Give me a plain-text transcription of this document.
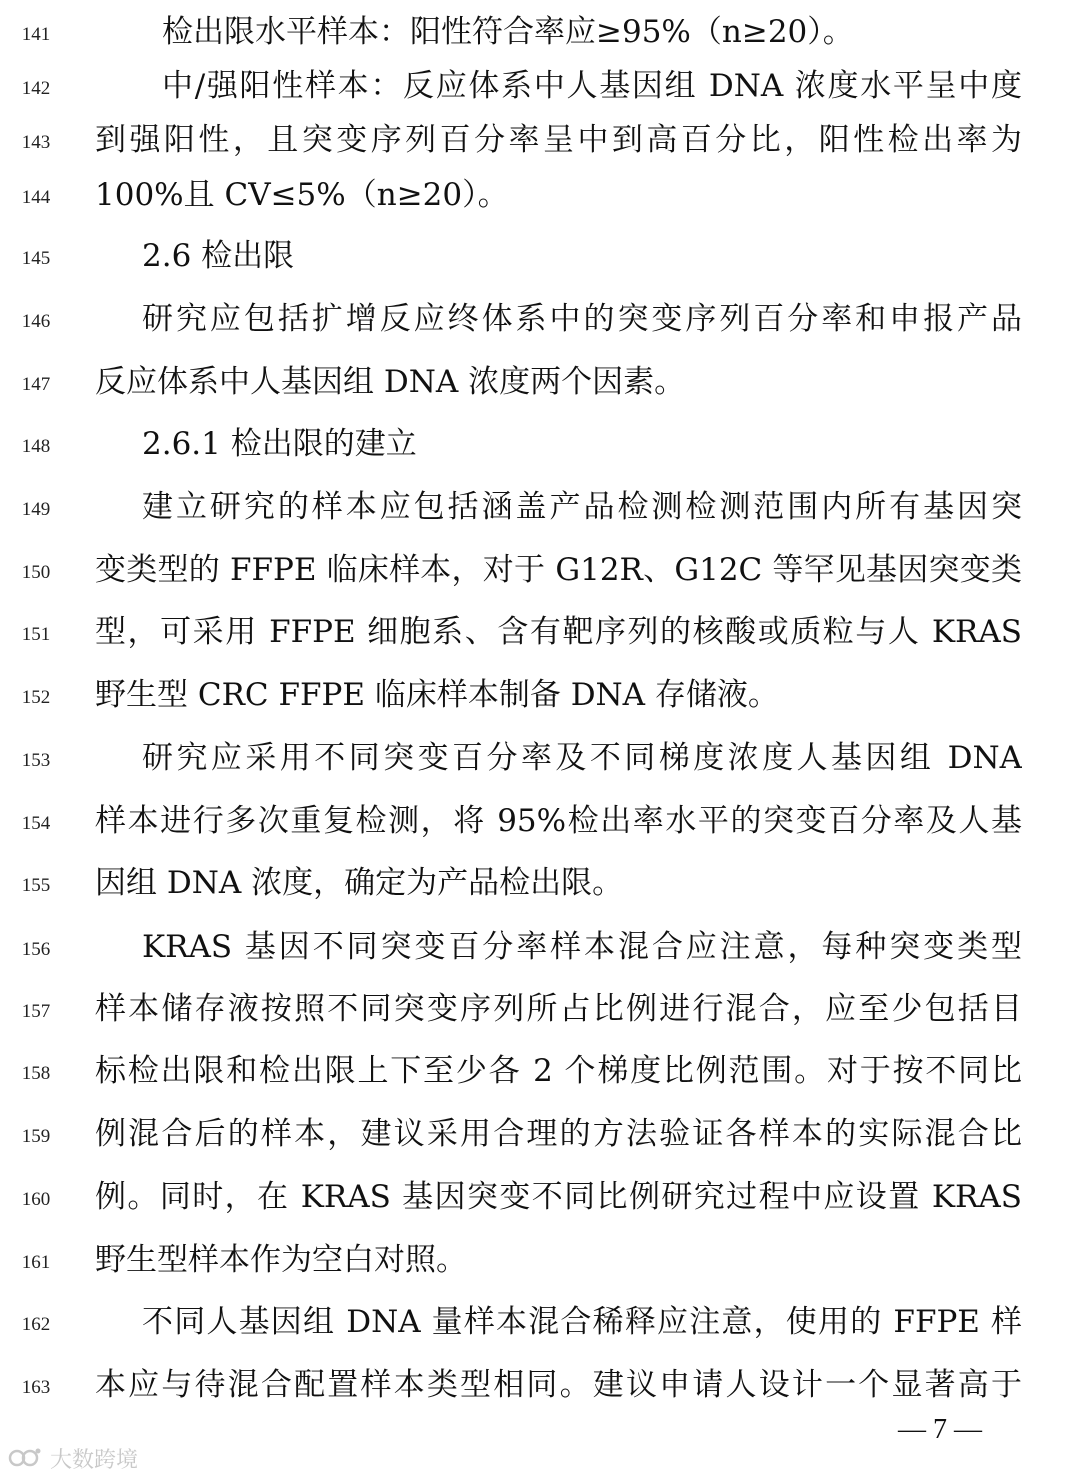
141	检出限水平样本：阳性符合率应≥95%（n≥20）。
142	中/强阳性样本：反应体系中人基因组 DNA 浓度水平呈中度
143	到强阳性，且突变序列百分率呈中到高百分比，阳性检出率为
144	100%且 CV≤5%（n≥20）。
145	2.6 检出限
146	研究应包括扩增反应终体系中的突变序列百分率和申报产品
147	反应体系中人基因组 DNA 浓度两个因素。
148	2.6.1 检出限的建立
149	建立研究的样本应包括涵盖产品检测检测范围内所有基因突
150	变类型的 FFPE 临床样本，对于 G12R、G12C 等罕见基因突变类
151	型，可采用 FFPE 细胞系、含有靶序列的核酸或质粒与人 KRAS
152	野生型 CRC FFPE 临床样本制备 DNA 存储液。
153	研究应采用不同突变百分率及不同梯度浓度人基因组 DNA
154	样本进行多次重复检测，将 95%检出率水平的突变百分率及人基
155	因组 DNA 浓度，确定为产品检出限。
156	KRAS 基因不同突变百分率样本混合应注意，每种突变类型
157	样本储存液按照不同突变序列所占比例进行混合，应至少包括目
158	标检出限和检出限上下至少各 2 个梯度比例范围。对于按不同比
159	例混合后的样本，建议采用合理的方法验证各样本的实际混合比
160	例。同时，在 KRAS 基因突变不同比例研究过程中应设置 KRAS
161	野生型样本作为空白对照。
162	不同人基因组 DNA 量样本混合稀释应注意，使用的 FFPE 样
163	本应与待混合配置样本类型相同。建议申请人设计一个显著高于
— 7 —
大数跨境
